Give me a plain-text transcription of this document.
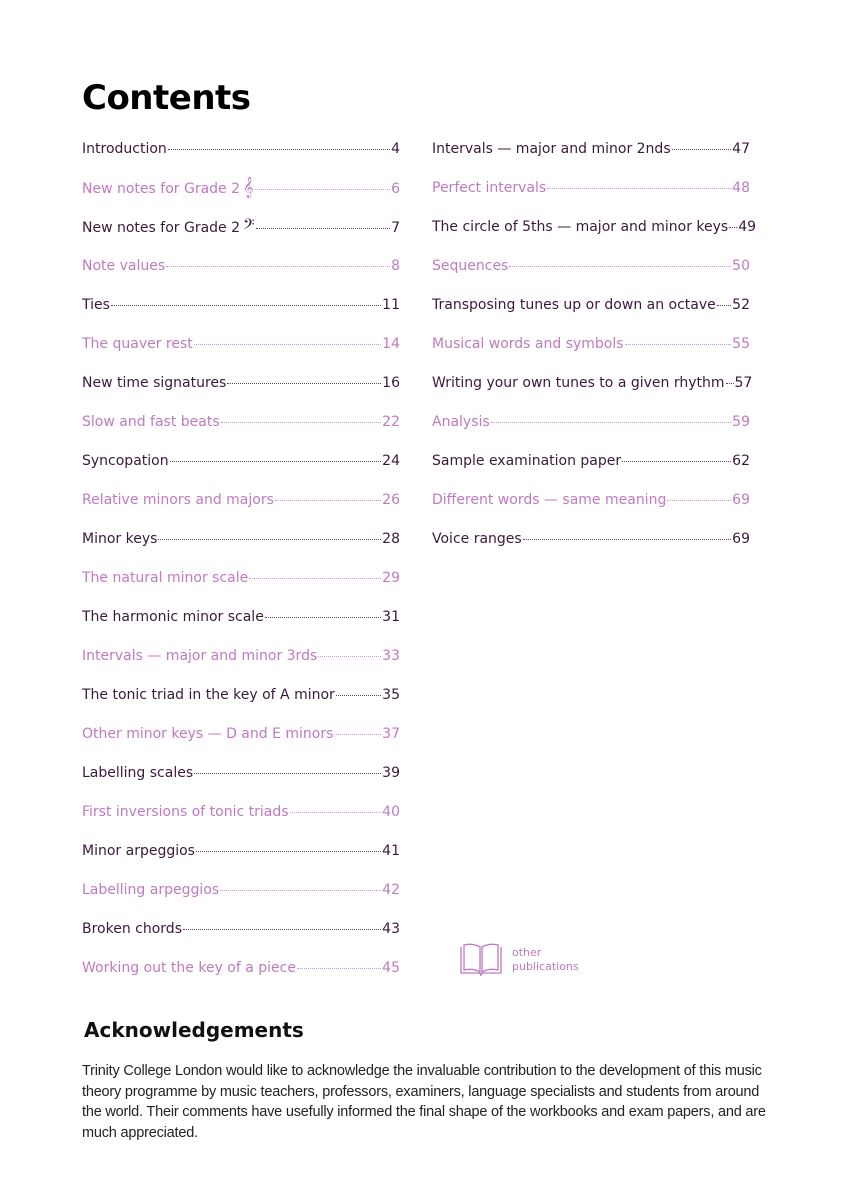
Contents
Introduction	4
New notes for Grade 2 𝄞	6
New notes for Grade 2 𝄢	7
Note values	8
Ties	11
The quaver rest	14
New time signatures	16
Slow and fast beats	22
Syncopation	24
Relative minors and majors	26
Minor keys	28
The natural minor scale	29
The harmonic minor scale	31
Intervals — major and minor 3rds	33
The tonic triad in the key of A minor	35
Other minor keys — D and E minors	37
Labelling scales	39
First inversions of tonic triads	40
Minor arpeggios	41
Labelling arpeggios	42
Broken chords	43
Working out the key of a piece	45
Intervals — major and minor 2nds	47
Perfect intervals	48
The circle of 5ths — major and minor keys 49
Sequences	50
Transposing tunes up or down an octave 52
Musical words and symbols	55
Writing your own tunes to a given rhythm 57
Analysis	59
Sample examination paper	62
Different words — same meaning	69
Voice ranges	69
other
publications
Acknowledgements

Trinity College London would like to acknowledge the invaluable contribution to the development of this music theory programme by music teachers, professors, examiners, language specialists and students from around the world. Their comments have usefully informed the final shape of the workbooks and exam papers, and are much appreciated.
